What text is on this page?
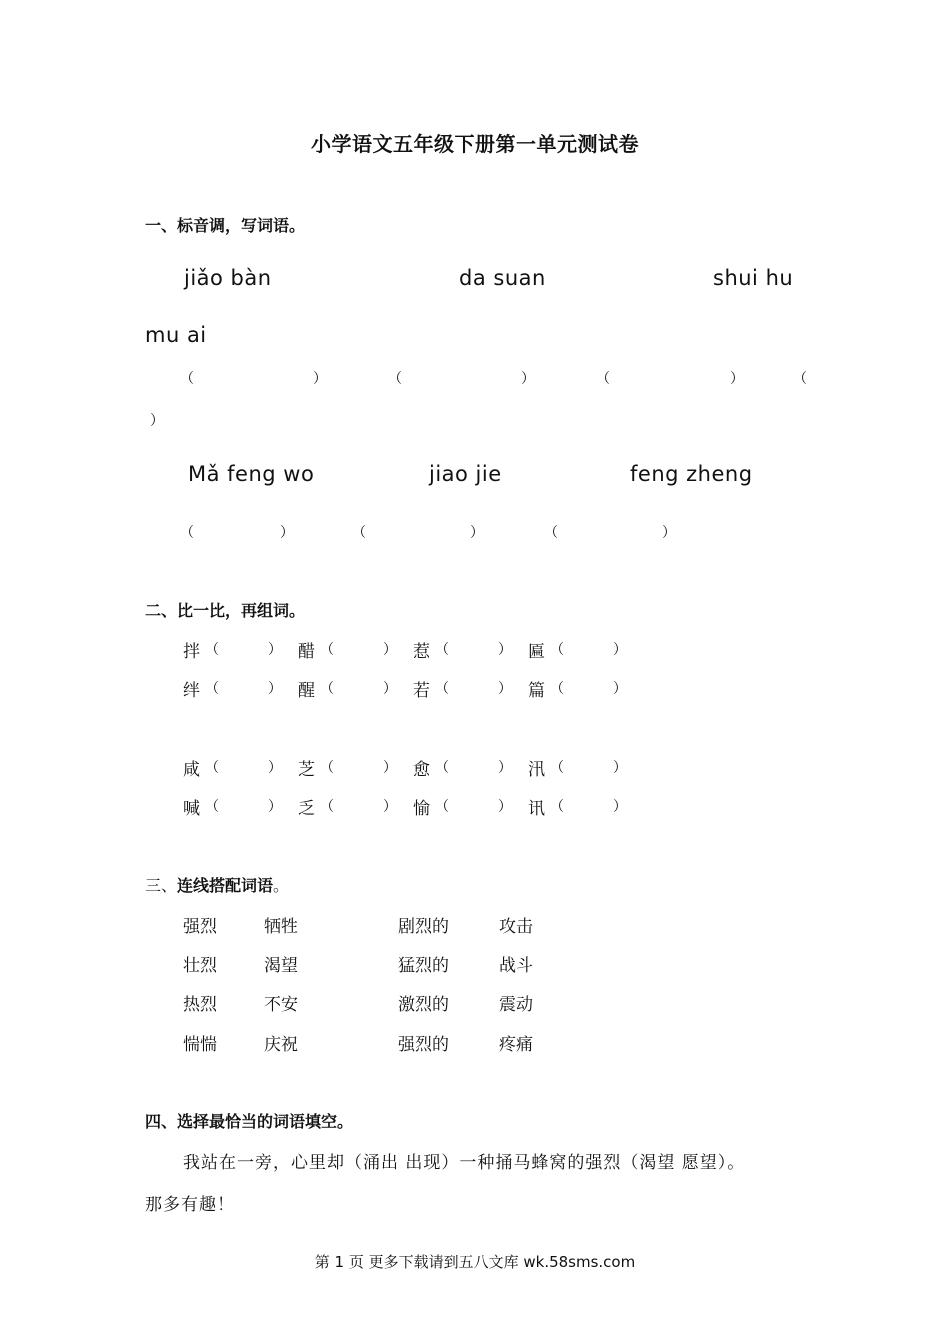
小学语文五年级下册第一单元测试卷
一、标音调，写词语。
jiǎo bàn	da suan	shui hu
mu ai
（	）	（	）	（	）	（
）
Mǎ feng wo	jiao jie	feng zheng
（	）	（	）	（	）
二、比一比，再组词。
拌 （	） 醋 （	） 惹 （	） 匾 （	）
绊 （	） 醒 （	） 若 （	） 篇 （	）
咸 （	） 芝 （	） 愈 （	） 汛 （	）
喊 （	） 乏 （	） 愉 （	） 讯 （	）
三、连线搭配词语。
强烈	牺牲	剧烈的	攻击
壮烈	渴望	猛烈的	战斗
热烈	不安	激烈的	震动
惴惴	庆祝	强烈的	疼痛
四、选择最恰当的词语填空。
我站在一旁，心里却（涌出 出现）一种捅马蜂窝的强烈（渴望 愿望）。
那多有趣！
第 1 页 更多下载请到五八文库 wk.58sms.com
